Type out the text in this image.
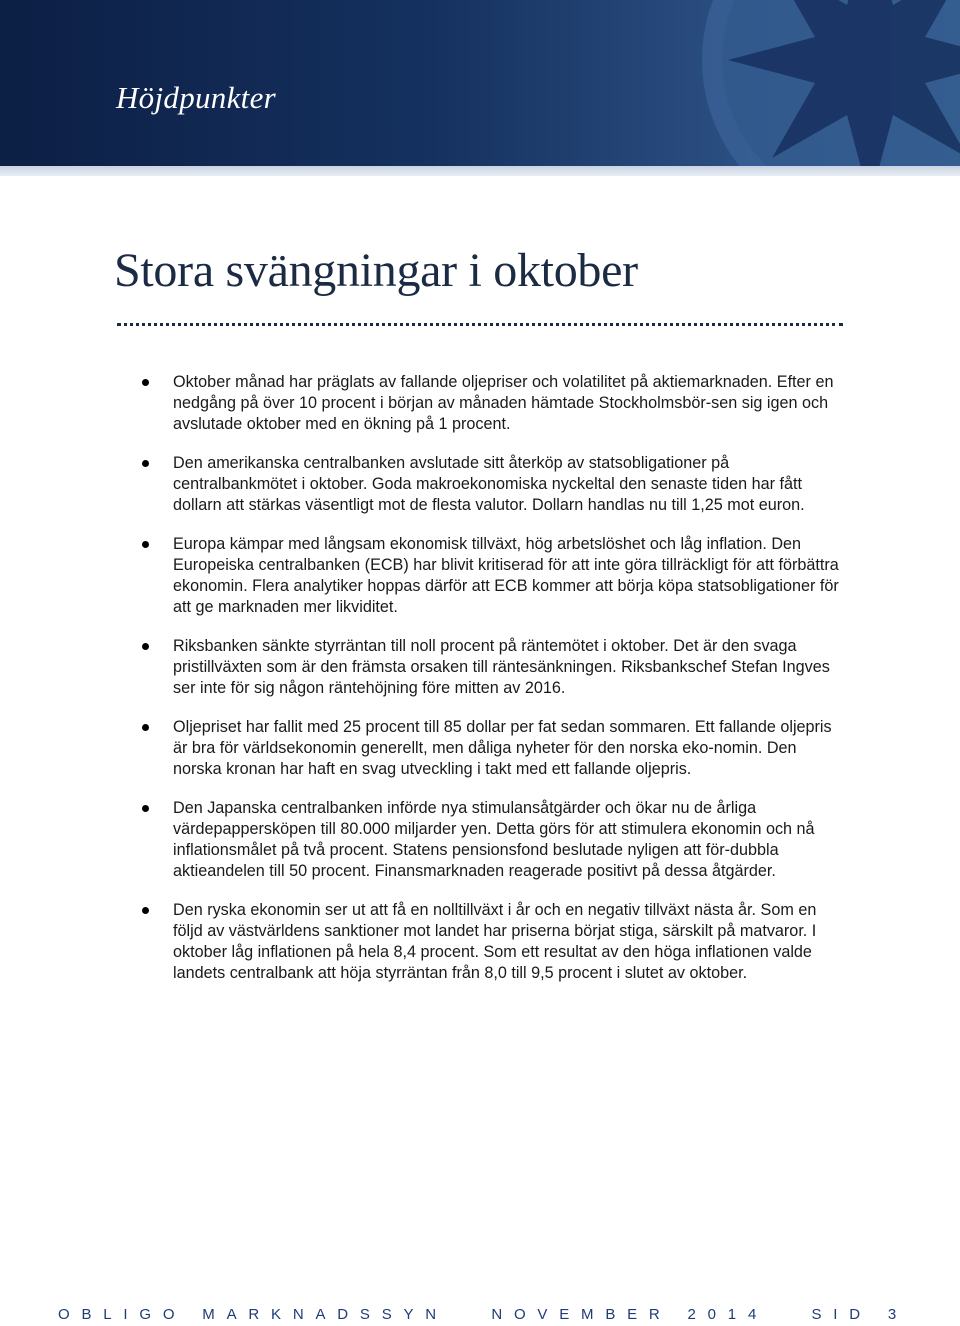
Höjdpunkter
Stora svängningar i oktober
Oktober månad har präglats av fallande oljepriser och volatilitet på aktiemarknaden. Efter en nedgång på över 10 procent i början av månaden hämtade Stockholmsbör-sen sig igen och avslutade oktober med en ökning på 1 procent.
Den amerikanska centralbanken avslutade sitt återköp av statsobligationer på centralbankmötet i oktober. Goda makroekonomiska nyckeltal den senaste tiden har fått dollarn att stärkas väsentligt mot de flesta valutor. Dollarn handlas nu till 1,25 mot euron.
Europa kämpar med långsam ekonomisk tillväxt, hög arbetslöshet och låg inflation. Den Europeiska centralbanken (ECB) har blivit kritiserad för att inte göra tillräckligt för att förbättra ekonomin. Flera analytiker hoppas därför att ECB kommer att börja köpa statsobligationer för att ge marknaden mer likviditet.
Riksbanken sänkte styrräntan till noll procent på räntemötet i oktober. Det är den svaga pristillväxten som är den främsta orsaken till räntesänkningen. Riksbankschef Stefan Ingves ser inte för sig någon räntehöjning före mitten av 2016.
Oljepriset har fallit med 25 procent till 85 dollar per fat sedan sommaren. Ett fallande oljepris är bra för världsekonomin generellt, men dåliga nyheter för den norska eko-nomin. Den norska kronan har haft en svag utveckling i takt med ett fallande oljepris.
Den Japanska centralbanken införde nya stimulansåtgärder och ökar nu de årliga värdepappersköpen till 80.000 miljarder yen. Detta görs för att stimulera ekonomin och nå inflationsmålet på två procent. Statens pensionsfond beslutade nyligen att för-dubbla aktieandelen till 50 procent. Finansmarknaden reagerade positivt på dessa åtgärder.
Den ryska ekonomin ser ut att få en nolltillväxt i år och en negativ tillväxt nästa år. Som en följd av västvärldens sanktioner mot landet har priserna börjat stiga, särskilt på matvaror. I oktober låg inflationen på hela 8,4 procent. Som ett resultat av den höga inflationen valde landets centralbank att höja styrräntan från 8,0 till 9,5 procent i slutet av oktober.
OBLIGO MARKNADSSYN	NOVEMBER 2014	SID 3
